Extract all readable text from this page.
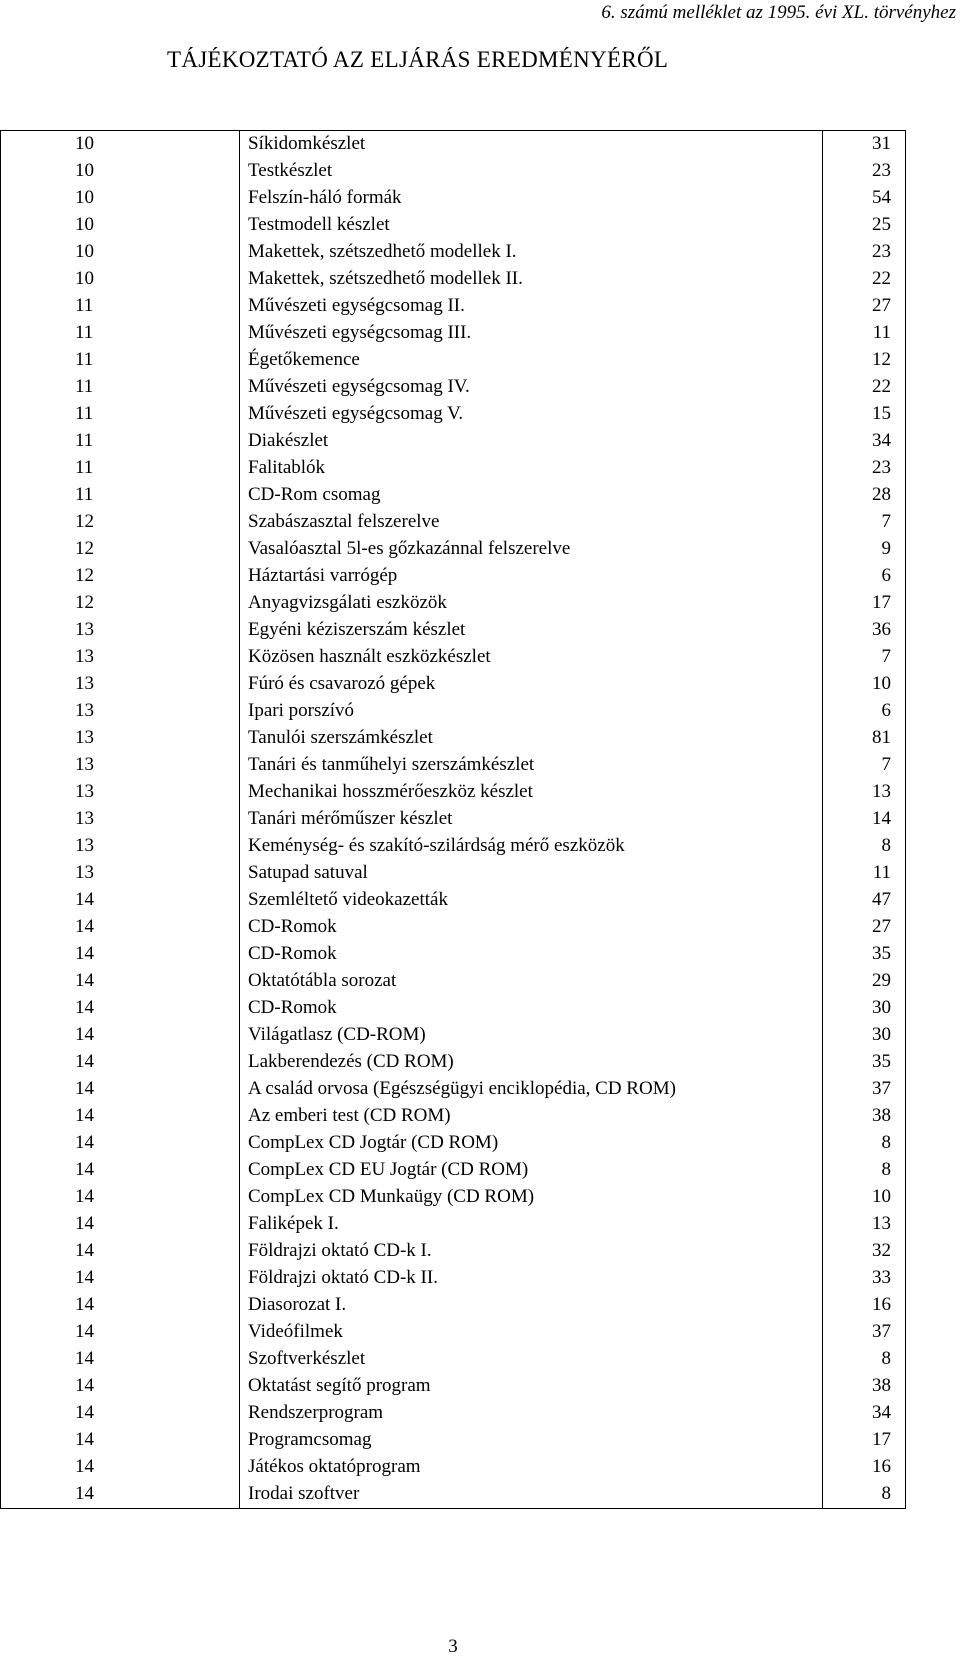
6. számú melléklet az 1995. évi XL. törvényhez
TÁJÉKOZTATÓ AZ ELJÁRÁS EREDMÉNYÉRŐL
10	Síkidomkészlet	31
10	Testkészlet	23
10	Felszín-háló formák	54
10	Testmodell készlet	25
10	Makettek, szétszedhető modellek I.	23
10	Makettek, szétszedhető modellek II.	22
11	Művészeti egységcsomag II.	27
11	Művészeti egységcsomag III.	11
11	Égetőkemence	12
11	Művészeti egységcsomag IV.	22
11	Művészeti egységcsomag V.	15
11	Diakészlet	34
11	Falitablók	23
11	CD-Rom csomag	28
12	Szabászasztal felszerelve	7
12	Vasalóasztal 5l-es gőzkazánnal felszerelve	9
12	Háztartási varrógép	6
12	Anyagvizsgálati eszközök	17
13	Egyéni kéziszerszám készlet	36
13	Közösen használt eszközkészlet	7
13	Fúró és csavarozó gépek	10
13	Ipari porszívó	6
13	Tanulói szerszámkészlet	81
13	Tanári és tanműhelyi szerszámkészlet	7
13	Mechanikai hosszmérőeszköz készlet	13
13	Tanári mérőműszer készlet	14
13	Keménység- és szakító-szilárdság mérő eszközök	8
13	Satupad satuval	11
14	Szemléltető videokazetták	47
14	CD-Romok	27
14	CD-Romok	35
14	Oktatótábla sorozat	29
14	CD-Romok	30
14	Világatlasz (CD-ROM)	30
14	Lakberendezés (CD ROM)	35
14	A család orvosa (Egészségügyi enciklopédia, CD ROM)	37
14	Az emberi test (CD ROM)	38
14	CompLex CD Jogtár (CD ROM)	8
14	CompLex CD EU Jogtár (CD ROM)	8
14	CompLex CD Munkaügy (CD ROM)	10
14	Faliképek I.	13
14	Földrajzi oktató CD-k I.	32
14	Földrajzi oktató CD-k II.	33
14	Diasorozat I.	16
14	Videófilmek	37
14	Szoftverkészlet	8
14	Oktatást segítő program	38
14	Rendszerprogram	34
14	Programcsomag	17
14	Játékos oktatóprogram	16
14	Irodai szoftver	8
3
